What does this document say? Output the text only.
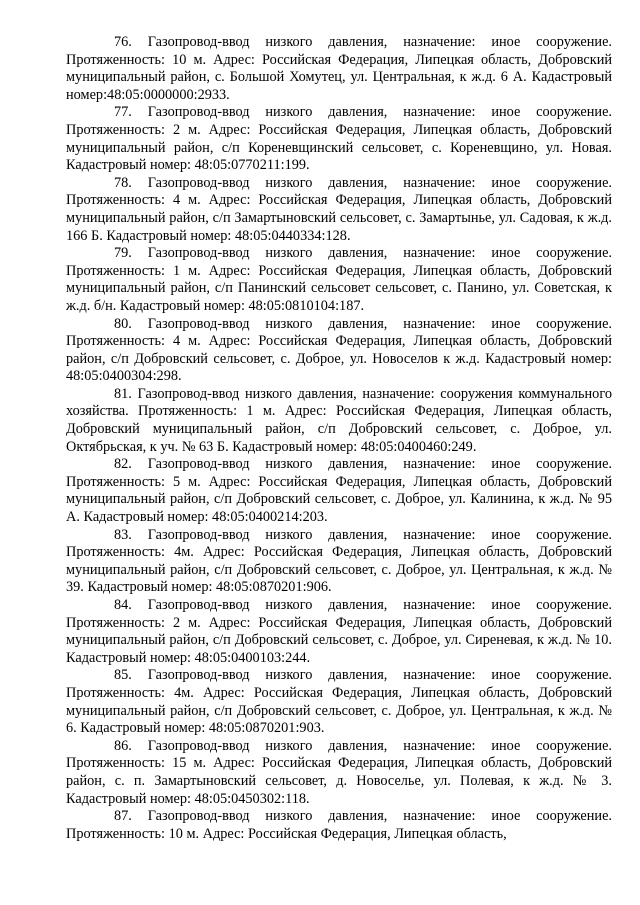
76. Газопровод-ввод низкого давления, назначение: иное сооружение. Протяженность: 10 м. Адрес: Российская Федерация, Липецкая область, Добровский муниципальный район, с. Большой Хомутец, ул. Центральная, к ж.д. 6 А. Кадастровый номер:48:05:0000000:2933.

77. Газопровод-ввод низкого давления, назначение: иное сооружение. Протяженность: 2 м. Адрес: Российская Федерация, Липецкая область, Добровский муниципальный район, с/п Кореневщинский сельсовет, с. Кореневщино, ул. Новая. Кадастровый номер: 48:05:0770211:199.

78. Газопровод-ввод низкого давления, назначение: иное сооружение. Протяженность: 4 м. Адрес: Российская Федерация, Липецкая область, Добровский муниципальный район, с/п Замартыновский сельсовет, с. Замартынье, ул. Садовая, к ж.д. 166 Б. Кадастровый номер: 48:05:0440334:128.

79. Газопровод-ввод низкого давления, назначение: иное сооружение. Протяженность: 1 м. Адрес: Российская Федерация, Липецкая область, Добровский муниципальный район, с/п Панинский сельсовет сельсовет, с. Панино, ул. Советская, к ж.д. б/н. Кадастровый номер: 48:05:0810104:187.

80. Газопровод-ввод низкого давления, назначение: иное сооружение. Протяженность: 4 м. Адрес: Российская Федерация, Липецкая область, Добровский район, с/п Добровский сельсовет, с. Доброе, ул. Новоселов к ж.д. Кадастровый номер: 48:05:0400304:298.

81. Газопровод-ввод низкого давления, назначение: сооружения коммунального хозяйства. Протяженность: 1 м. Адрес: Российская Федерация, Липецкая область, Добровский муниципальный район, с/п Добровский сельсовет, с. Доброе, ул. Октябрьская, к уч. № 63 Б. Кадастровый номер: 48:05:0400460:249.

82. Газопровод-ввод низкого давления, назначение: иное сооружение. Протяженность: 5 м. Адрес: Российская Федерация, Липецкая область, Добровский муниципальный район, с/п Добровский сельсовет, с. Доброе, ул. Калинина, к ж.д. № 95 А. Кадастровый номер: 48:05:0400214:203.

83. Газопровод-ввод низкого давления, назначение: иное сооружение. Протяженность: 4м. Адрес: Российская Федерация, Липецкая область, Добровский муниципальный район, с/п Добровский сельсовет, с. Доброе, ул. Центральная, к ж.д. № 39. Кадастровый номер: 48:05:0870201:906.

84. Газопровод-ввод низкого давления, назначение: иное сооружение. Протяженность: 2 м. Адрес: Российская Федерация, Липецкая область, Добровский муниципальный район, с/п Добровский сельсовет, с. Доброе, ул. Сиреневая, к ж.д. № 10. Кадастровый номер: 48:05:0400103:244.

85. Газопровод-ввод низкого давления, назначение: иное сооружение. Протяженность: 4м. Адрес: Российская Федерация, Липецкая область, Добровский муниципальный район, с/п Добровский сельсовет, с. Доброе, ул. Центральная, к ж.д. № 6. Кадастровый номер: 48:05:0870201:903.

86. Газопровод-ввод низкого давления, назначение: иное сооружение. Протяженность: 15 м. Адрес: Российская Федерация, Липецкая область, Добровский район, с. п. Замартыновский сельсовет, д. Новоселье, ул. Полевая, к ж.д. № 3. Кадастровый номер: 48:05:0450302:118.

87. Газопровод-ввод низкого давления, назначение: иное сооружение. Протяженность: 10 м. Адрес: Российская Федерация, Липецкая область,
